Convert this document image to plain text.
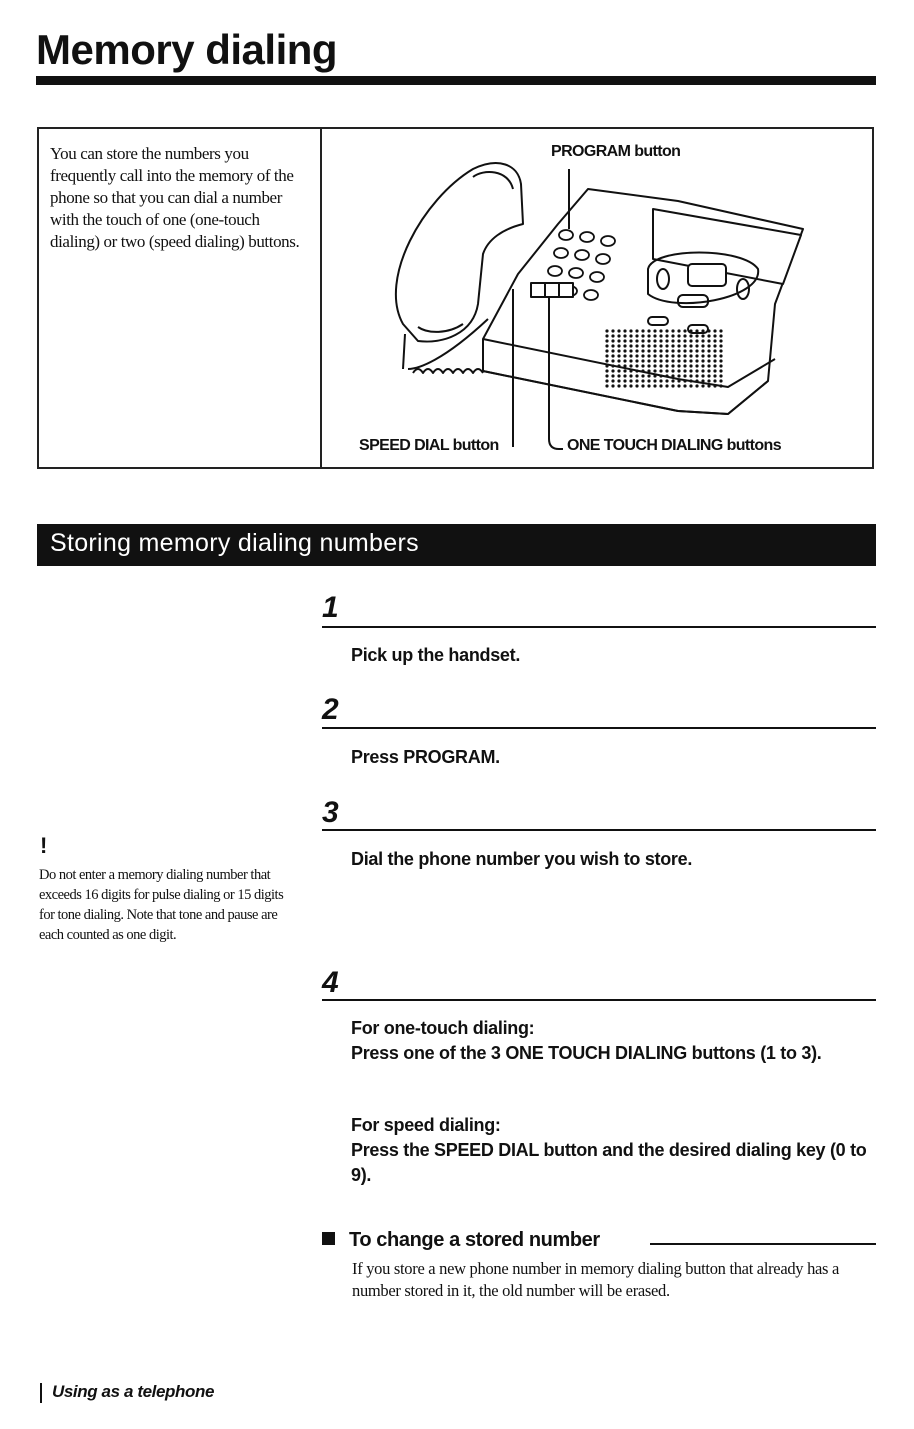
Memory dialing

You can store the numbers you frequently call into the memory of the phone so that you can dial a number with the touch of one (one-touch dialing) or two (speed dialing) buttons.

PROGRAM button
SPEED DIAL button	ONE TOUCH DIALING buttons
Storing memory dialing numbers
1

Pick up the handset.

2

Press PROGRAM.

3

Dial the phone number you wish to store.

!

Do not enter a memory dialing number that exceeds 16 digits for pulse dialing or 15 digits for tone dialing. Note that tone and pause are each counted as one digit.

4

For one-touch dialing:
Press one of the 3 ONE TOUCH DIALING buttons (1 to 3).

For speed dialing:
Press the SPEED DIAL button and the desired dialing key (0 to 9).

To change a stored number

If you store a new phone number in memory dialing button that already has a number stored in it, the old number will be erased.

Using as a telephone
